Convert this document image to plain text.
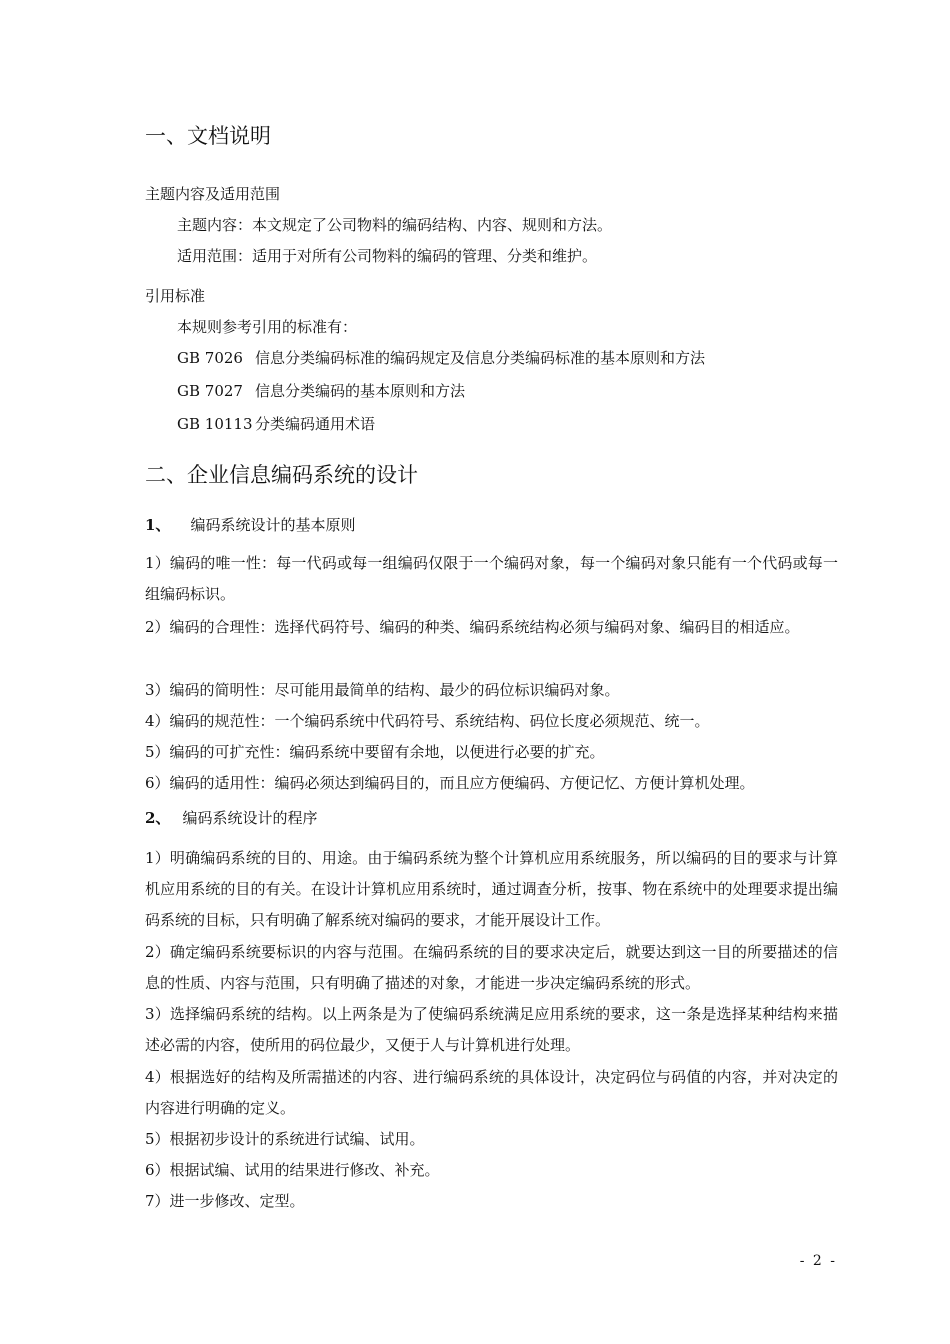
一、文档说明
主题内容及适用范围
主题内容：本文规定了公司物料的编码结构、内容、规则和方法。
适用范围：适用于对所有公司物料的编码的管理、分类和维护。
引用标准
本规则参考引用的标准有：
GB 7026 信息分类编码标准的编码规定及信息分类编码标准的基本原则和方法
GB 7027 信息分类编码的基本原则和方法
GB 10113 分类编码通用术语
二、企业信息编码系统的设计
1、 编码系统设计的基本原则
1）编码的唯一性：每一代码或每一组编码仅限于一个编码对象，每一个编码对象只能有一个代码或每一组编码标识。
2）编码的合理性：选择代码符号、编码的种类、编码系统结构必须与编码对象、编码目的相适应。
3）编码的简明性：尽可能用最简单的结构、最少的码位标识编码对象。
4）编码的规范性：一个编码系统中代码符号、系统结构、码位长度必须规范、统一。
5）编码的可扩充性：编码系统中要留有余地，以便进行必要的扩充。
6）编码的适用性：编码必须达到编码目的，而且应方便编码、方便记忆、方便计算机处理。
2、 编码系统设计的程序
1）明确编码系统的目的、用途。由于编码系统为整个计算机应用系统服务，所以编码的目的要求与计算机应用系统的目的有关。在设计计算机应用系统时，通过调查分析，按事、物在系统中的处理要求提出编码系统的目标，只有明确了解系统对编码的要求，才能开展设计工作。
2）确定编码系统要标识的内容与范围。在编码系统的目的要求决定后，就要达到这一目的所要描述的信息的性质、内容与范围，只有明确了描述的对象，才能进一步决定编码系统的形式。
3）选择编码系统的结构。以上两条是为了使编码系统满足应用系统的要求，这一条是选择某种结构来描述必需的内容，使所用的码位最少，又便于人与计算机进行处理。
4）根据选好的结构及所需描述的内容、进行编码系统的具体设计，决定码位与码值的内容，并对决定的内容进行明确的定义。
5）根据初步设计的系统进行试编、试用。
6）根据试编、试用的结果进行修改、补充。
7）进一步修改、定型。
- 2 -
